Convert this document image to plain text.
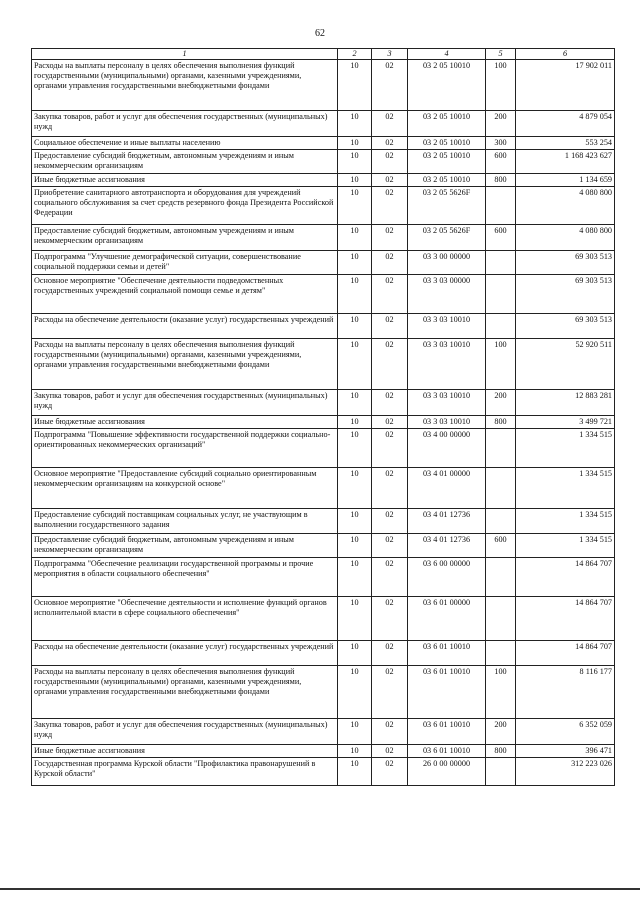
62
1	2	3	4	5	6
Расходы на выплаты персоналу в целях обеспечения выполнения функций государственными (муниципальными) органами, казенными учреждениями, органами управления государственными внебюджетными фондами	10	02	03 2 05 10010	100	17 902 011
Закупка товаров, работ и услуг для обеспечения государственных (муниципальных) нужд	10	02	03 2 05 10010	200	4 879 054
Социальное обеспечение и иные выплаты населению	10	02	03 2 05 10010	300	553 254
Предоставление субсидий бюджетным, автономным учреждениям и иным некоммерческим организациям	10	02	03 2 05 10010	600	1 168 423 627
Иные бюджетные ассигнования	10	02	03 2 05 10010	800	1 134 659
Приобретение санитарного автотранспорта и оборудования для учреждений социального обслуживания за счет средств резервного фонда Президента Российской Федерации	10	02	03 2 05 5626F		4 080 800
Предоставление субсидий бюджетным, автономным учреждениям и иным некоммерческим организациям	10	02	03 2 05 5626F	600	4 080 800
Подпрограмма "Улучшение демографической ситуации, совершенствование социальной поддержки семьи и детей"	10	02	03 3 00 00000		69 303 513
Основное мероприятие "Обеспечение деятельности подведомственных государственных учреждений социальной помощи семье и детям"	10	02	03 3 03 00000		69 303 513
Расходы на обеспечение деятельности (оказание услуг) государственных учреждений	10	02	03 3 03 10010		69 303 513
Расходы на выплаты персоналу в целях обеспечения выполнения функций государственными (муниципальными) органами, казенными учреждениями, органами управления государственными внебюджетными фондами	10	02	03 3 03 10010	100	52 920 511
Закупка товаров, работ и услуг для обеспечения государственных (муниципальных) нужд	10	02	03 3 03 10010	200	12 883 281
Иные бюджетные ассигнования	10	02	03 3 03 10010	800	3 499 721
Подпрограмма "Повышение эффективности государственной поддержки социально-ориентированных некоммерческих организаций"	10	02	03 4 00 00000		1 334 515
Основное мероприятие "Предоставление субсидий социально ориентированным некоммерческим организациям на конкурсной основе"	10	02	03 4 01 00000		1 334 515
Предоставление субсидий поставщикам социальных услуг, не участвующим в выполнении государственного задания	10	02	03 4 01 12736		1 334 515
Предоставление субсидий бюджетным, автономным учреждениям и иным некоммерческим организациям	10	02	03 4 01 12736	600	1 334 515
Подпрограмма "Обеспечение реализации государственной программы и прочие мероприятия в области социального обеспечения"	10	02	03 6 00 00000		14 864 707
Основное мероприятие "Обеспечение деятельности и исполнение функций органов исполнительной власти в сфере социального обеспечения"	10	02	03 6 01 00000		14 864 707
Расходы на обеспечение деятельности (оказание услуг) государственных учреждений	10	02	03 6 01 10010		14 864 707
Расходы на выплаты персоналу в целях обеспечения выполнения функций государственными (муниципальными) органами, казенными учреждениями, органами управления государственными внебюджетными фондами	10	02	03 6 01 10010	100	8 116 177
Закупка товаров, работ и услуг для обеспечения государственных (муниципальных) нужд	10	02	03 6 01 10010	200	6 352 059
Иные бюджетные ассигнования	10	02	03 6 01 10010	800	396 471
Государственная программа Курской области "Профилактика правонарушений в Курской области"	10	02	26 0 00 00000		312 223 026
